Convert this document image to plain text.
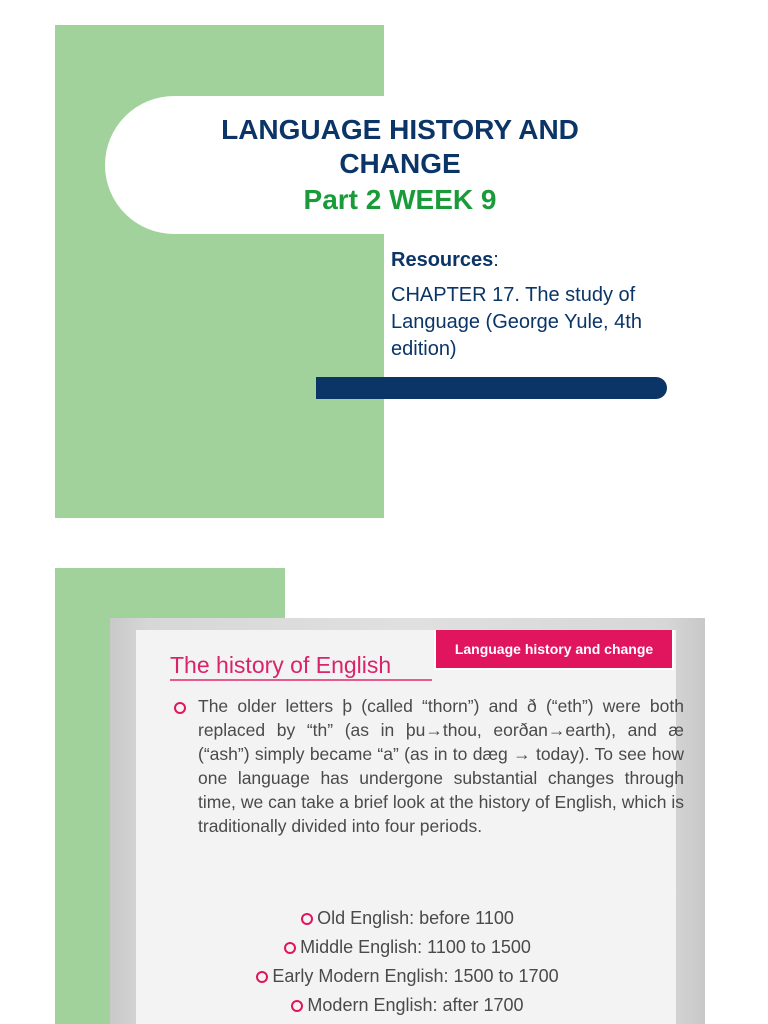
LANGUAGE HISTORY AND
CHANGE
Part 2 WEEK 9
Resources:
CHAPTER 17. The study of Language (George Yule, 4th edition)
The history of English
Language history and change
The older letters þ (called “thorn”) and ð (“eth”) were both replaced by “th” (as in þu→thou, eorðan→earth), and æ (“ash”) simply became “a” (as in to dæg → today). To see how one language has undergone substantial changes through time, we can take a brief look at the history of English, which is traditionally divided into four periods.
Old English: before 1100
Middle English: 1100 to 1500
Early Modern English: 1500 to 1700
Modern English: after 1700
